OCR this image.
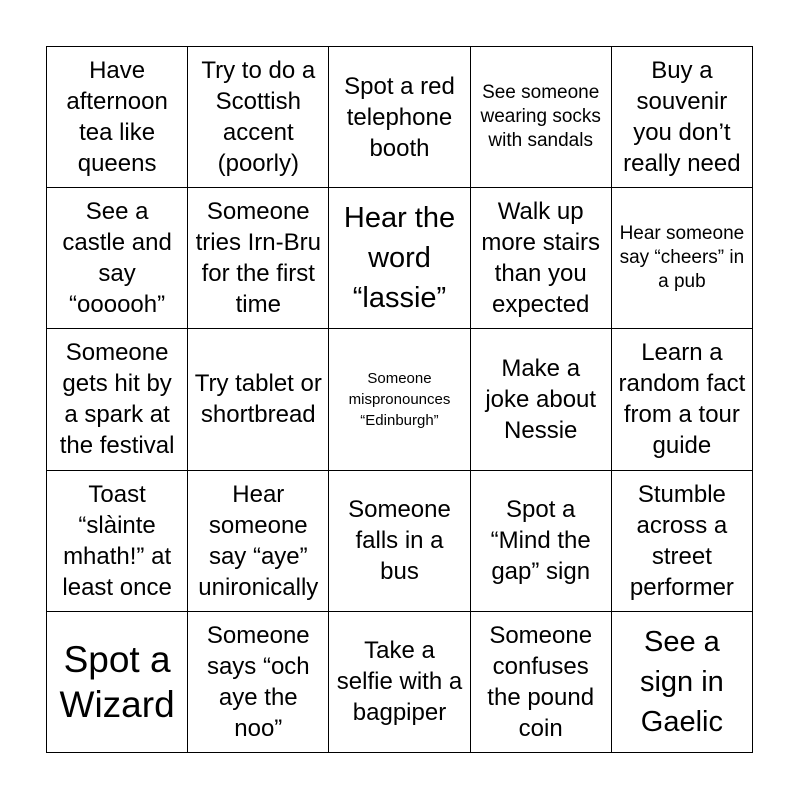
Have afternoon tea like queens
Try to do a Scottish accent (poorly)
Spot a red telephone booth
See someone wearing socks with sandals
Buy a souvenir you don’t really need
See a castle and say “oooooh”
Someone tries Irn-Bru for the first time
Hear the word “lassie”
Walk up more stairs than you expected
Hear someone say “cheers” in a pub
Someone gets hit by a spark at the festival
Try tablet or shortbread
Someone mispronounces “Edinburgh”
Make a joke about Nessie
Learn a random fact from a tour guide
Toast “slàinte mhath!” at least once
Hear someone say “aye” unironically
Someone falls in a bus
Spot a “Mind the gap” sign
Stumble across a street performer
Spot a Wizard
Someone says “och aye the noo”
Take a selfie with a bagpiper
Someone confuses the pound coin
See a sign in Gaelic
